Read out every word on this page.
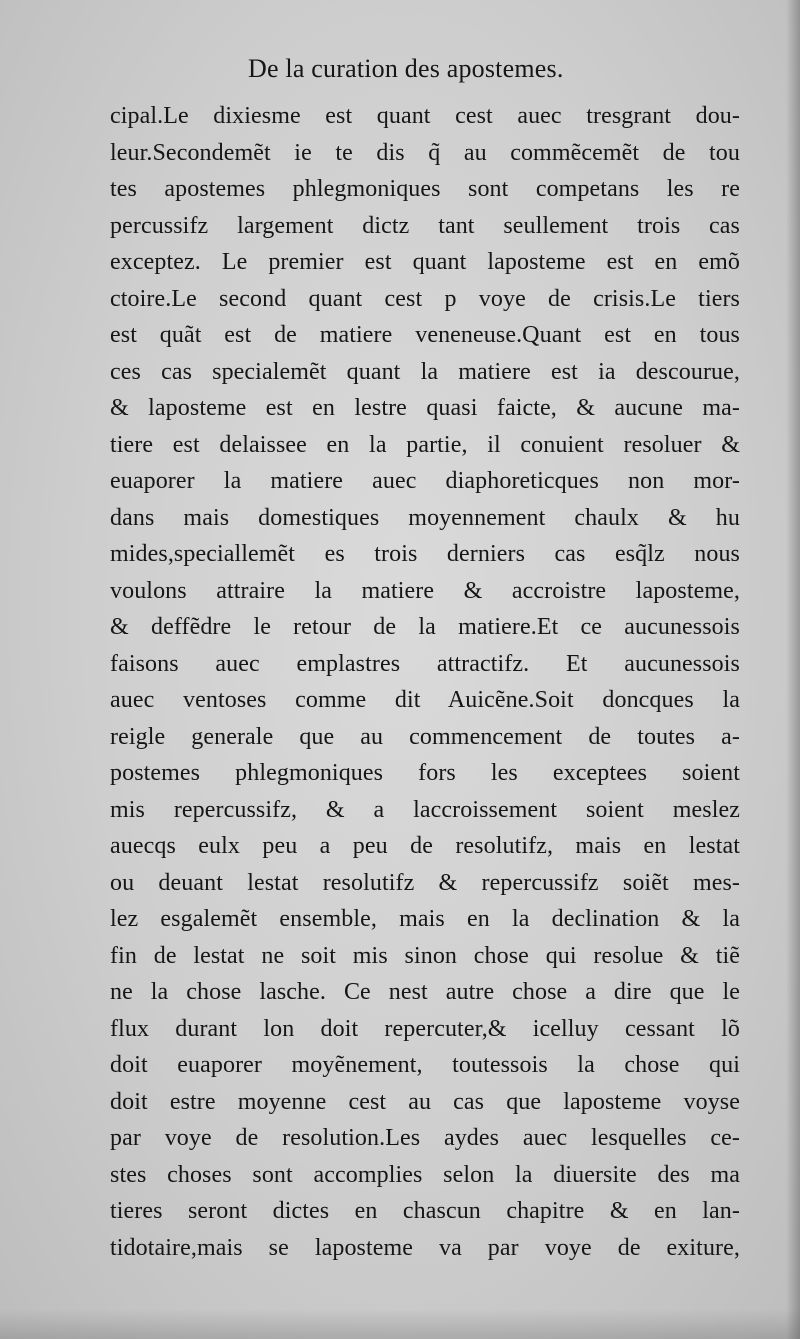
De la curation des apostemes.
cipal.Le dixiesme est quant cest auec tresgrant dou-
leur.Secondemẽt ie te dis q̃ au commẽcemẽt de tou
tes apostemes phlegmoniques sont competans les re
percussifz largement dictz tant seullement trois cas
exceptez. Le premier est quant laposteme est en emõ
ctoire.Le second quant cest p voye de crisis.Le tiers
est quãt est de matiere veneneuse.Quant est en tous
ces cas specialemẽt quant la matiere est ia descourue,
& laposteme est en lestre quasi faicte, & aucune ma-
tiere est delaissee en la partie, il conuient resoluer &
euaporer la matiere auec diaphoreticques non mor-
dans mais domestiques moyennement chaulx & hu
mides,speciallemẽt es trois derniers cas esq̃lz nous
voulons attraire la matiere & accroistre laposteme,
& deffẽdre le retour de la matiere.Et ce aucunessois
faisons auec emplastres attractifz. Et aucunessois
auec ventoses comme dit Auicẽne.Soit doncques la
reigle generale que au commencement de toutes a-
postemes phlegmoniques fors les exceptees soient
mis repercussifz, & a laccroissement soient meslez
auecqs eulx peu a peu de resolutifz, mais en lestat
ou deuant lestat resolutifz & repercussifz soiẽt mes-
lez esgalemẽt ensemble, mais en la declination & la
fin de lestat ne soit mis sinon chose qui resolue & tiẽ
ne la chose lasche. Ce nest autre chose a dire que le
flux durant lon doit repercuter,& icelluy cessant lõ
doit euaporer moyẽnement, toutessois la chose qui
doit estre moyenne cest au cas que laposteme voyse
par voye de resolution.Les aydes auec lesquelles ce-
stes choses sont accomplies selon la diuersite des ma
tieres seront dictes en chascun chapitre & en lan-
tidotaire,mais se laposteme va par voye de exiture,
